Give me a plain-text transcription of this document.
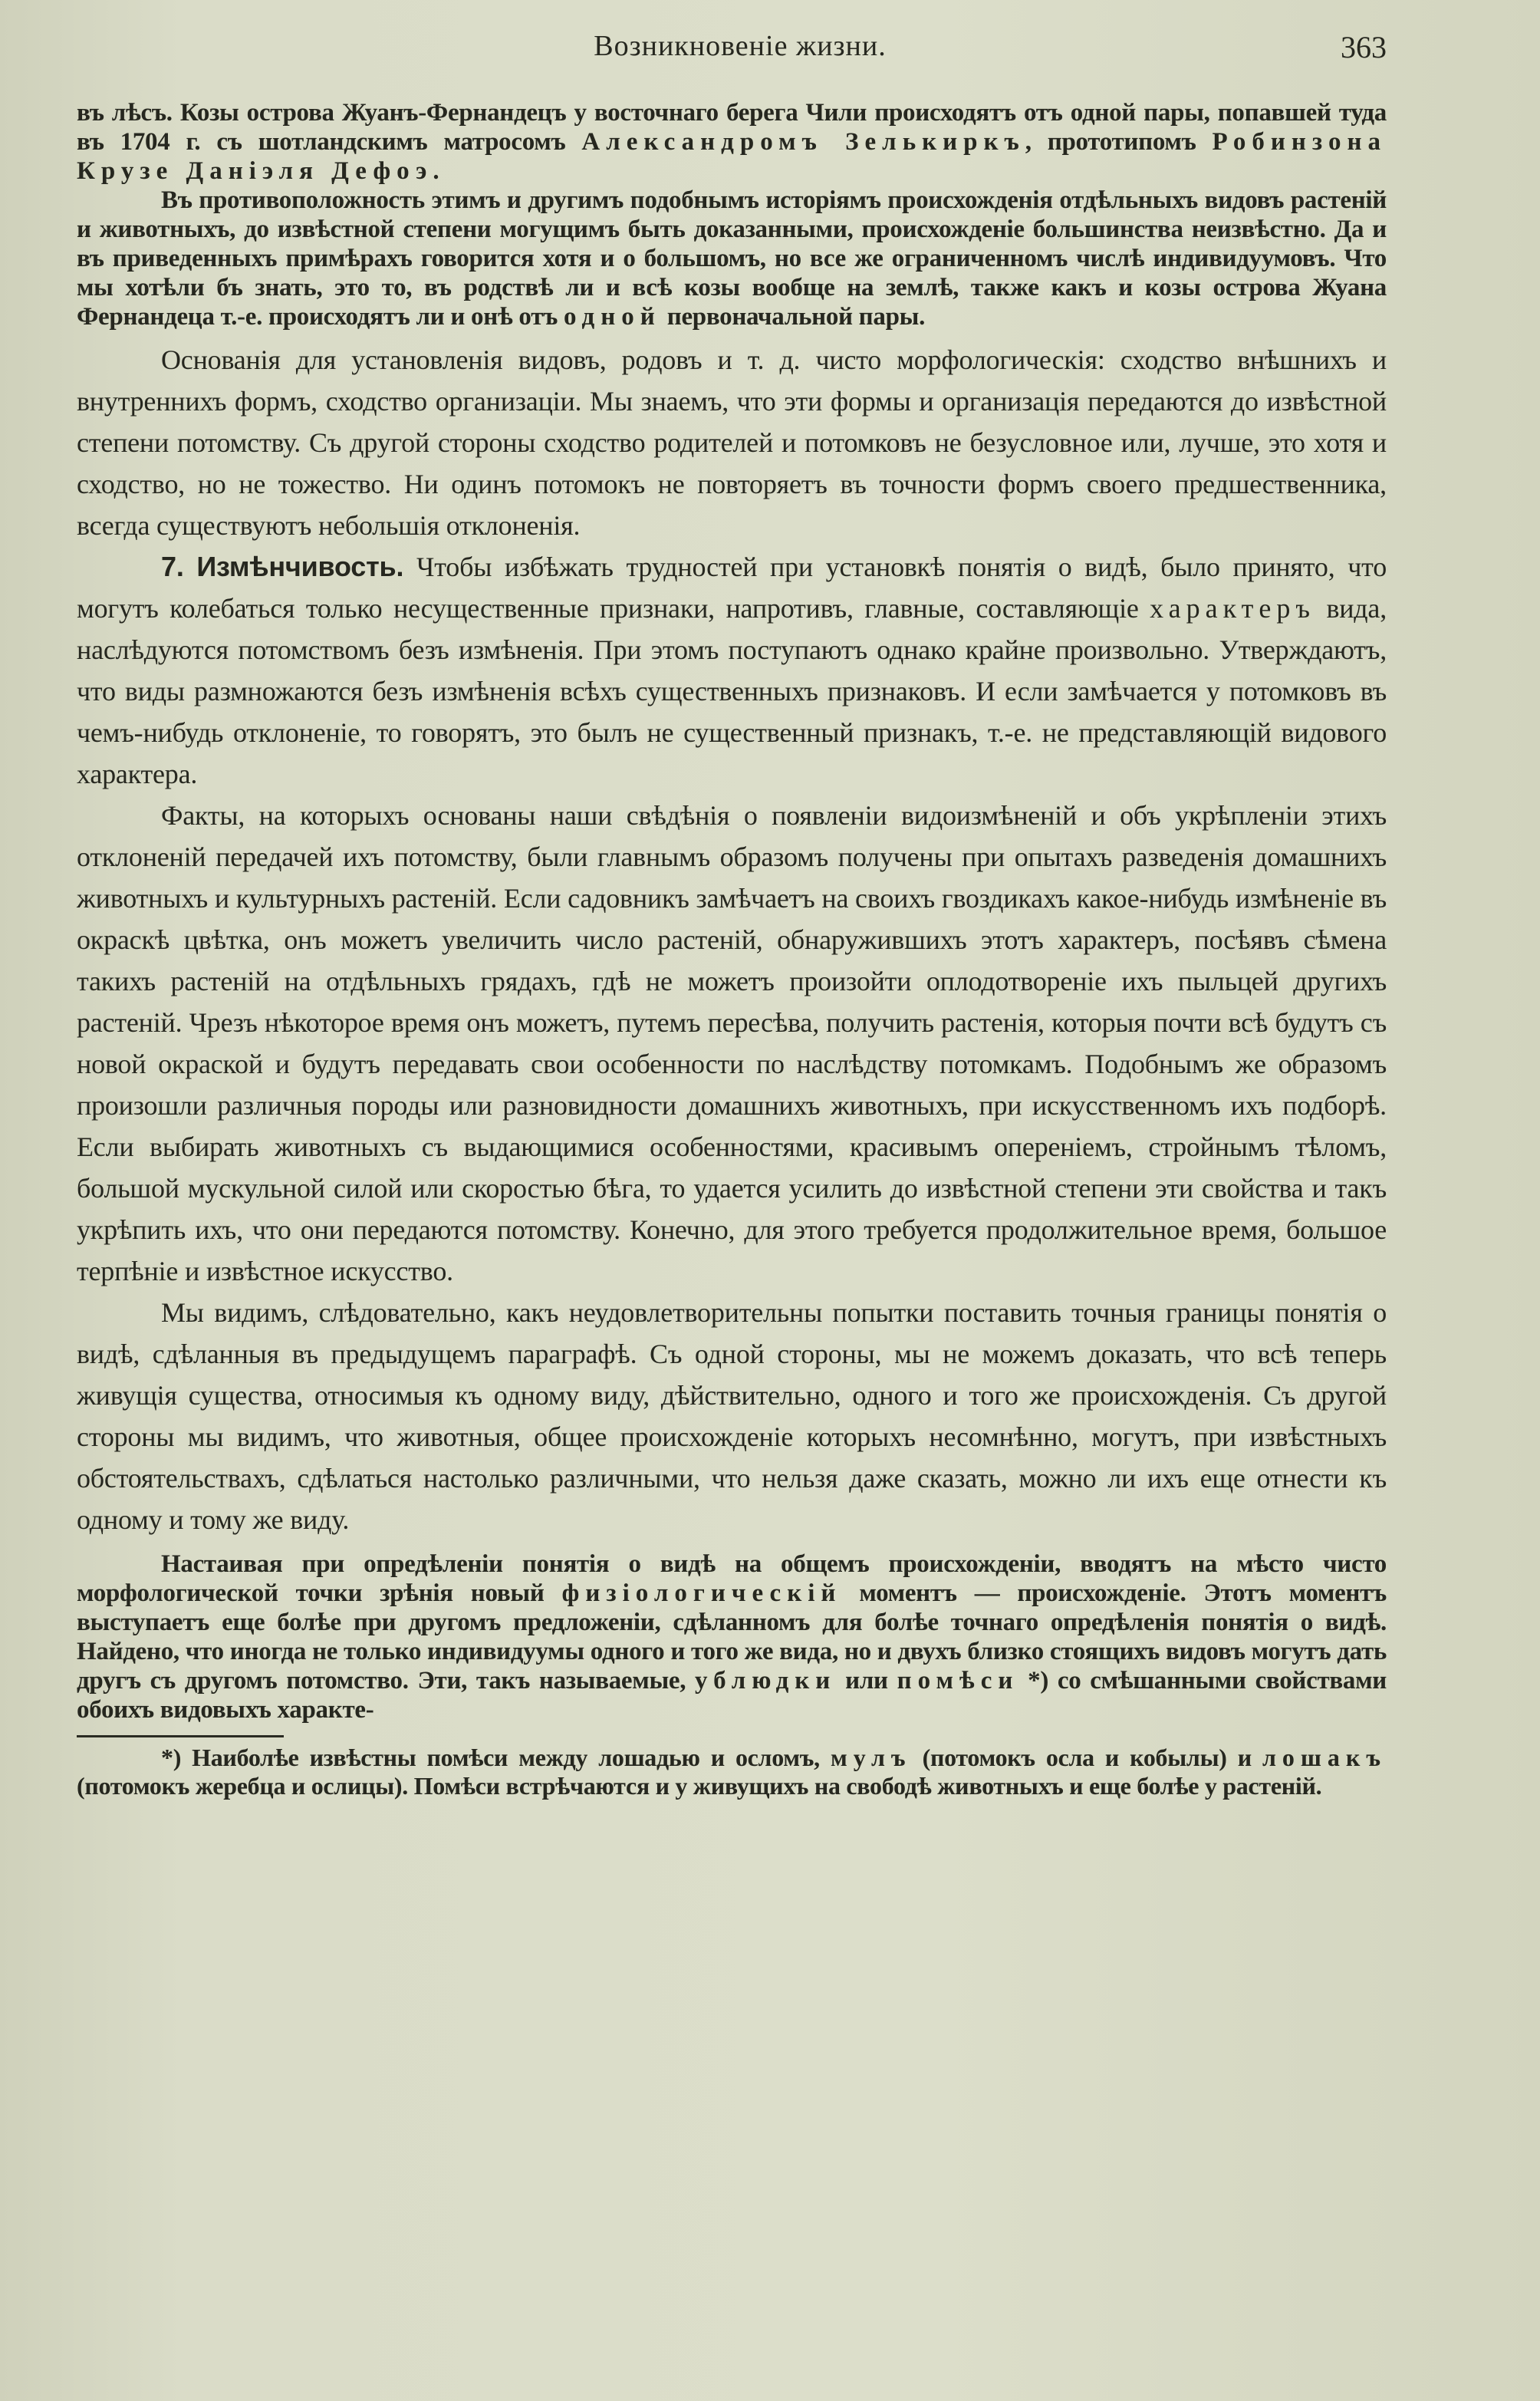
Возникновеніе жизни.	363

въ лѣсъ. Козы острова Жуанъ-Фернандецъ у восточнаго берега Чили происходятъ отъ одной пары, попавшей туда въ 1704 г. съ шотландскимъ матросомъ Александромъ Зелькиркъ, прототипомъ Робинзона Крузе Даніэля Дефоэ.

Въ противоположность этимъ и другимъ подобнымъ исторіямъ происхожденія отдѣльныхъ видовъ растеній и животныхъ, до извѣстной степени могущимъ быть доказанными, происхожденіе большинства неизвѣстно. Да и въ приведенныхъ примѣрахъ говорится хотя и о большомъ, но все же ограниченномъ числѣ индивидуумовъ. Что мы хотѣли бъ знать, это то, въ родствѣ ли и всѣ козы вообще на землѣ, также какъ и козы острова Жуана Фернандеца т.-е. происходятъ ли и онѣ отъ одной первоначальной пары.

Основанія для установленія видовъ, родовъ и т. д. чисто морфологическія: сходство внѣшнихъ и внутреннихъ формъ, сходство организаціи. Мы знаемъ, что эти формы и организація передаются до извѣстной степени потомству. Съ другой стороны сходство родителей и потомковъ не безусловное или, лучше, это хотя и сходство, но не тожество. Ни одинъ потомокъ не повторяетъ въ точности формъ своего предшественника, всегда существуютъ небольшія отклоненія.

7. Измѣнчивость. Чтобы избѣжать трудностей при установкѣ понятія о видѣ, было принято, что могутъ колебаться только несущественные признаки, напротивъ, главные, составляющіе характеръ вида, наслѣдуются потомствомъ безъ измѣненія. При этомъ поступаютъ однако крайне произвольно. Утверждаютъ, что виды размножаются безъ измѣненія всѣхъ существенныхъ признаковъ. И если замѣчается у потомковъ въ чемъ-нибудь отклоненіе, то говорятъ, это былъ не существенный признакъ, т.-е. не представляющій видового характера.

Факты, на которыхъ основаны наши свѣдѣнія о появленіи видоизмѣненій и объ укрѣпленіи этихъ отклоненій передачей ихъ потомству, были главнымъ образомъ получены при опытахъ разведенія домашнихъ животныхъ и культурныхъ растеній. Если садовникъ замѣчаетъ на своихъ гвоздикахъ какое-нибудь измѣненіе въ окраскѣ цвѣтка, онъ можетъ увеличить число растеній, обнаружившихъ этотъ характеръ, посѣявъ сѣмена такихъ растеній на отдѣльныхъ грядахъ, гдѣ не можетъ произойти оплодотвореніе ихъ пыльцей другихъ растеній. Чрезъ нѣкоторое время онъ можетъ, путемъ пересѣва, получить растенія, которыя почти всѣ будутъ съ новой окраской и будутъ передавать свои особенности по наслѣдству потомкамъ. Подобнымъ же образомъ произошли различныя породы или разновидности домашнихъ животныхъ, при искусственномъ ихъ подборѣ. Если выбирать животныхъ съ выдающимися особенностями, красивымъ опереніемъ, стройнымъ тѣломъ, большой мускульной силой или скоростью бѣга, то удается усилить до извѣстной степени эти свойства и такъ укрѣпить ихъ, что они передаются потомству. Конечно, для этого требуется продолжительное время, большое терпѣніе и извѣстное искусство.

Мы видимъ, слѣдовательно, какъ неудовлетворительны попытки поставить точныя границы понятія о видѣ, сдѣланныя въ предыдущемъ параграфѣ. Съ одной стороны, мы не можемъ доказать, что всѣ теперь живущія существа, относимыя къ одному виду, дѣйствительно, одного и того же происхожденія. Съ другой стороны мы видимъ, что животныя, общее происхожденіе которыхъ несомнѣнно, могутъ, при извѣстныхъ обстоятельствахъ, сдѣлаться настолько различными, что нельзя даже сказать, можно ли ихъ еще отнести къ одному и тому же виду.

Настаивая при опредѣленіи понятія о видѣ на общемъ происхожденіи, вводятъ на мѣсто чисто морфологической точки зрѣнія новый физіологическій моментъ — происхожденіе. Этотъ моментъ выступаетъ еще болѣе при другомъ предложеніи, сдѣланномъ для болѣе точнаго опредѣленія понятія о видѣ. Найдено, что иногда не только индивидуумы одного и того же вида, но и двухъ близко стоящихъ видовъ могутъ дать другъ съ другомъ потомство. Эти, такъ называемые, ублюдки или помѣси *) со смѣшанными свойствами обоихъ видовыхъ характе-

*) Наиболѣе извѣстны помѣси между лошадью и осломъ, мулъ (потомокъ осла и кобылы) и лошакъ (потомокъ жеребца и ослицы). Помѣси встрѣчаются и у живущихъ на свободѣ животныхъ и еще болѣе у растеній.
